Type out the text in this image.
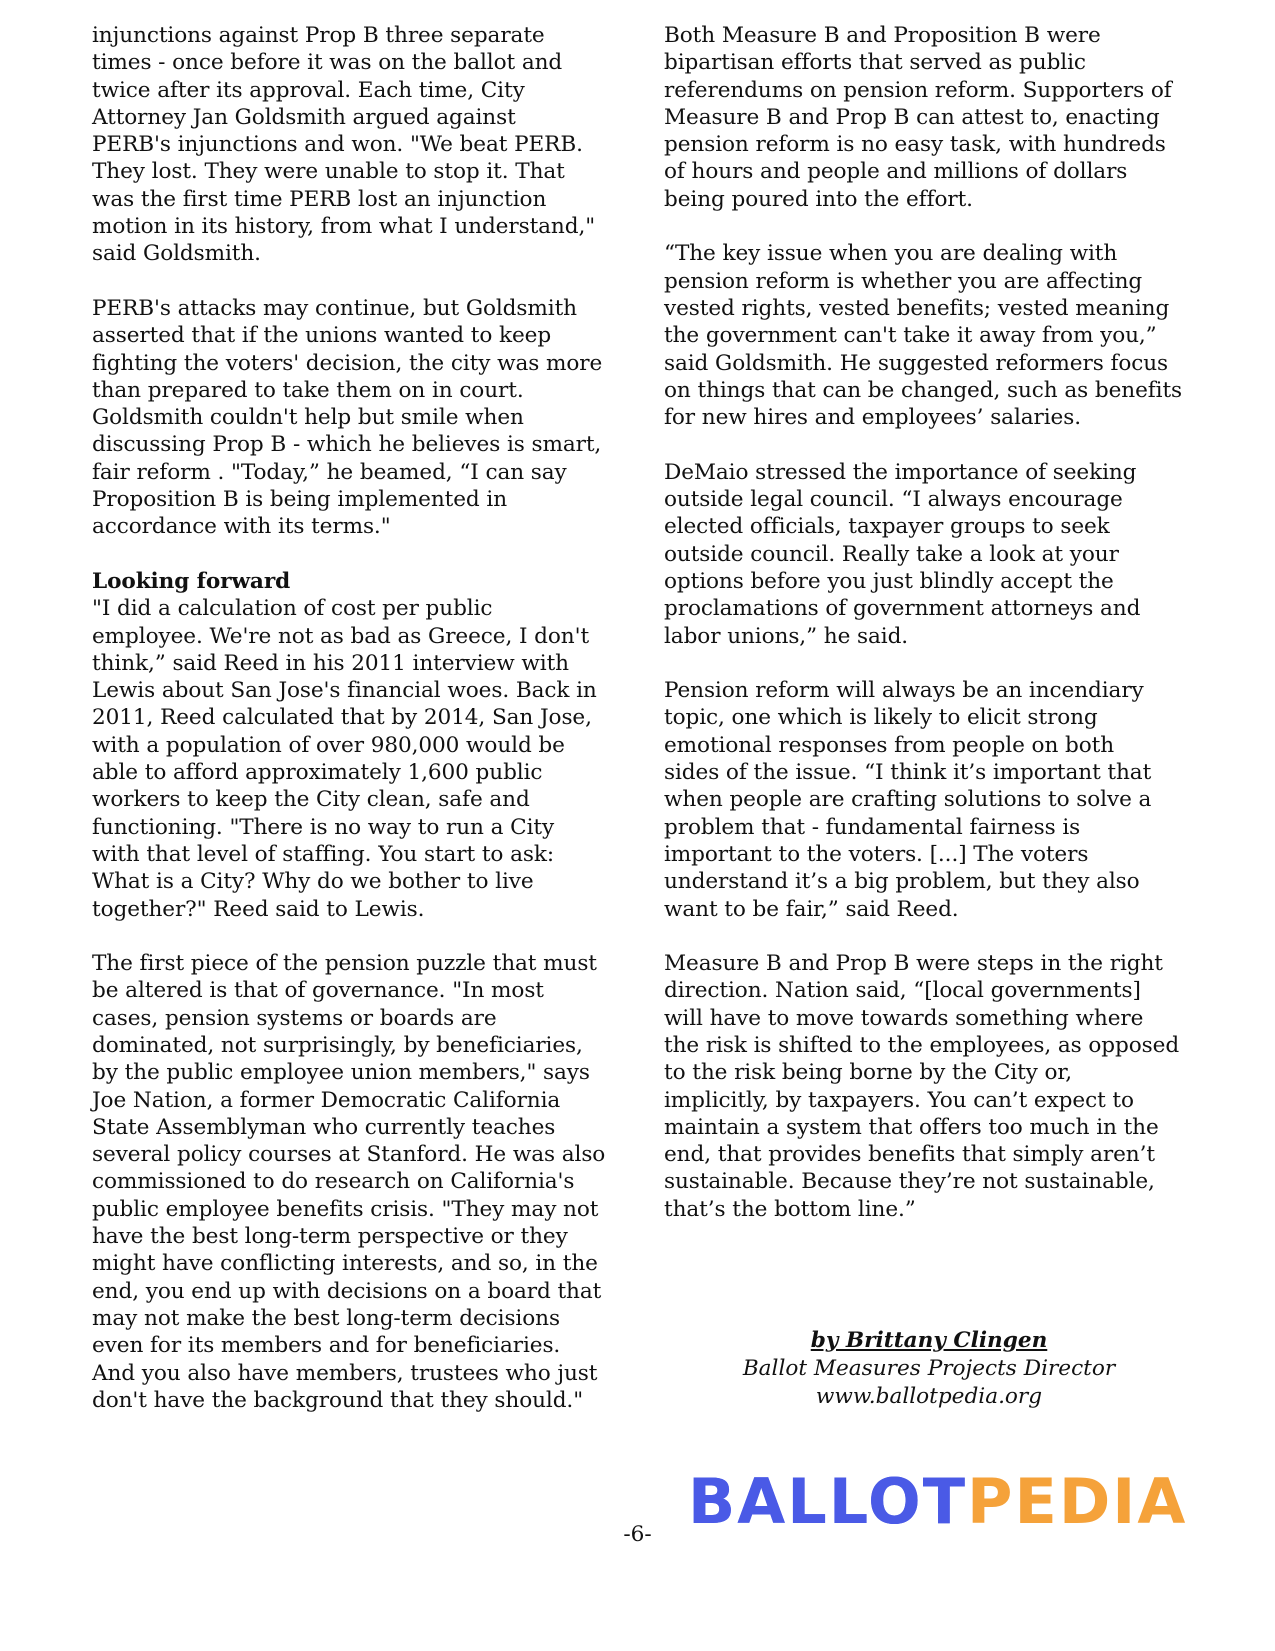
injunctions against Prop B three separate
times - once before it was on the ballot and
twice after its approval. Each time, City
Attorney Jan Goldsmith argued against
PERB's injunctions and won. "We beat PERB.
They lost. They were unable to stop it. That
was the first time PERB lost an injunction
motion in its history, from what I understand,"
said Goldsmith.

PERB's attacks may continue, but Goldsmith
asserted that if the unions wanted to keep
fighting the voters' decision, the city was more
than prepared to take them on in court.
Goldsmith couldn't help but smile when
discussing Prop B - which he believes is smart,
fair reform . "Today,” he beamed, “I can say
Proposition B is being implemented in
accordance with its terms."

Looking forward

"I did a calculation of cost per public
employee. We're not as bad as Greece, I don't
think,” said Reed in his 2011 interview with
Lewis about San Jose's financial woes. Back in
2011, Reed calculated that by 2014, San Jose,
with a population of over 980,000 would be
able to afford approximately 1,600 public
workers to keep the City clean, safe and
functioning. "There is no way to run a City
with that level of staffing. You start to ask:
What is a City? Why do we bother to live
together?" Reed said to Lewis.

The first piece of the pension puzzle that must
be altered is that of governance. "In most
cases, pension systems or boards are
dominated, not surprisingly, by beneficiaries,
by the public employee union members," says
Joe Nation, a former Democratic California
State Assemblyman who currently teaches
several policy courses at Stanford. He was also
commissioned to do research on California's
public employee benefits crisis. "They may not
have the best long-term perspective or they
might have conflicting interests, and so, in the
end, you end up with decisions on a board that
may not make the best long-term decisions
even for its members and for beneficiaries.
And you also have members, trustees who just
don't have the background that they should."

Both Measure B and Proposition B were
bipartisan efforts that served as public
referendums on pension reform. Supporters of
Measure B and Prop B can attest to, enacting
pension reform is no easy task, with hundreds
of hours and people and millions of dollars
being poured into the effort.

“The key issue when you are dealing with
pension reform is whether you are affecting
vested rights, vested benefits; vested meaning
the government can't take it away from you,”
said Goldsmith. He suggested reformers focus
on things that can be changed, such as benefits
for new hires and employees’ salaries.

DeMaio stressed the importance of seeking
outside legal council. “I always encourage
elected officials, taxpayer groups to seek
outside council. Really take a look at your
options before you just blindly accept the
proclamations of government attorneys and
labor unions,” he said.

Pension reform will always be an incendiary
topic, one which is likely to elicit strong
emotional responses from people on both
sides of the issue. “I think it’s important that
when people are crafting solutions to solve a
problem that - fundamental fairness is
important to the voters. [...] The voters
understand it’s a big problem, but they also
want to be fair,” said Reed.

Measure B and Prop B were steps in the right
direction. Nation said, “[local governments]
will have to move towards something where
the risk is shifted to the employees, as opposed
to the risk being borne by the City or,
implicitly, by taxpayers. You can’t expect to
maintain a system that offers too much in the
end, that provides benefits that simply aren’t
sustainable. Because they’re not sustainable,
that’s the bottom line.”

by Brittany Clingen
Ballot Measures Projects Director
www.ballotpedia.org
BALLOTPEDIA
-6-
